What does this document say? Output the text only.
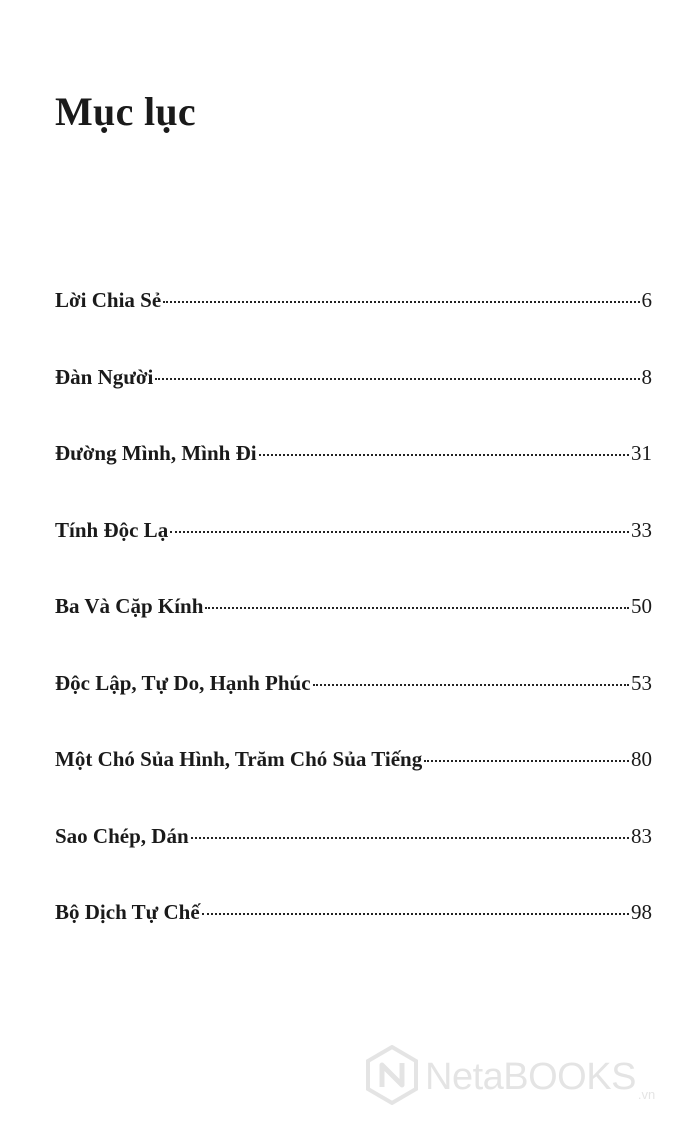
Mục lục
Lời Chia Sẻ	6
Đàn Người	8
Đường Mình, Mình Đi	31
Tính Độc Lạ	33
Ba Và Cặp Kính	50
Độc Lập, Tự Do, Hạnh Phúc	53
Một Chó Sủa Hình, Trăm Chó Sủa Tiếng	80
Sao Chép, Dán	83
Bộ Dịch Tự Chế	98
NetaBOOKS .vn
